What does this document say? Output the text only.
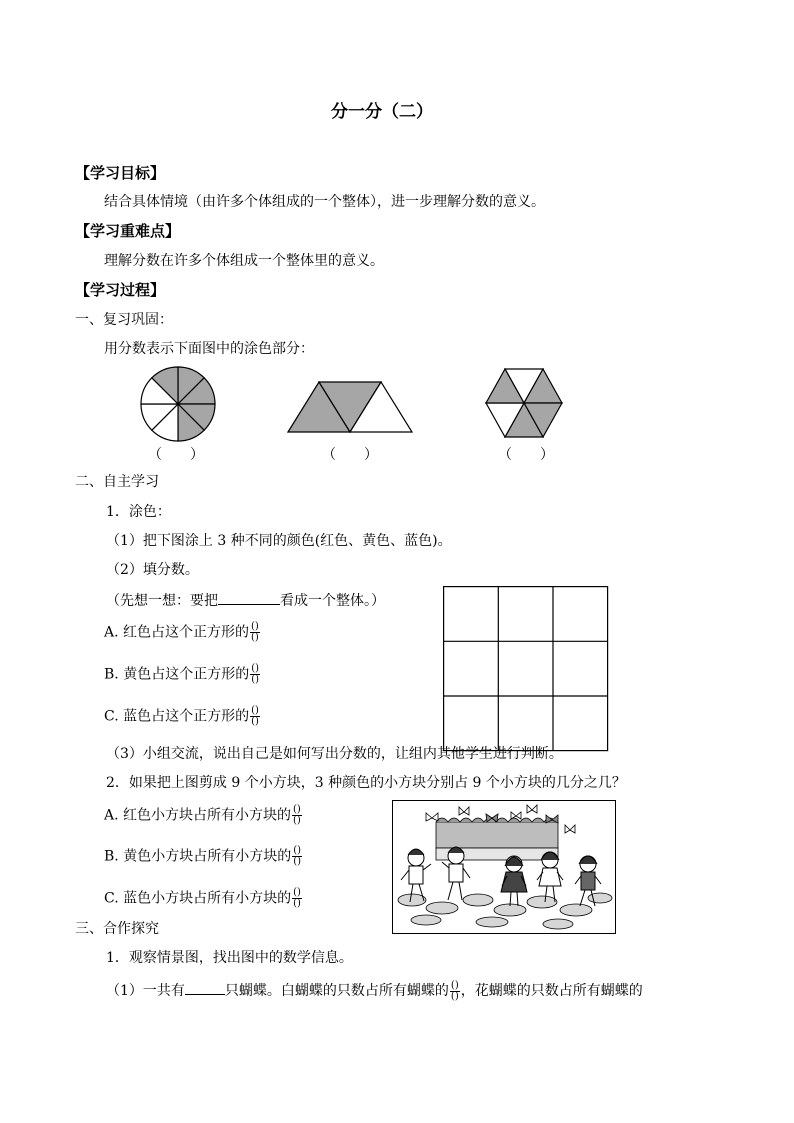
分一分（二）
【学习目标】
结合具体情境（由许多个体组成的一个整体），进一步理解分数的意义。
【学习重难点】
理解分数在许多个体组成一个整体里的意义。
【学习过程】
一、复习巩固：
用分数表示下面图中的涂色部分：
（　　）	（　　）	（　　）
二、自主学习
1．涂色：
（1）把下图涂上 3 种不同的颜色(红色、黄色、蓝色)。
（2）填分数。
（先想一想：要把	看成一个整体。）
A. 红色占这个正方形的 $\frac{()}{()}$
B. 黄色占这个正方形的 $\frac{()}{()}$
C. 蓝色占这个正方形的 $\frac{()}{()}$
（3）小组交流，说出自己是如何写出分数的，让组内其他学生进行判断。
2．如果把上图剪成 9 个小方块，3 种颜色的小方块分别占 9 个小方块的几分之几？
A. 红色小方块占所有小方块的 $\frac{()}{()}$
B. 黄色小方块占所有小方块的 $\frac{()}{()}$
C. 蓝色小方块占所有小方块的 $\frac{()}{()}$
三、合作探究
1．观察情景图，找出图中的数学信息。
（1）一共有	只蝴蝶。白蝴蝶的只数占所有蝴蝶的 $\frac{()}{()}$ ，花蝴蝶的只数占所有蝴蝶的
